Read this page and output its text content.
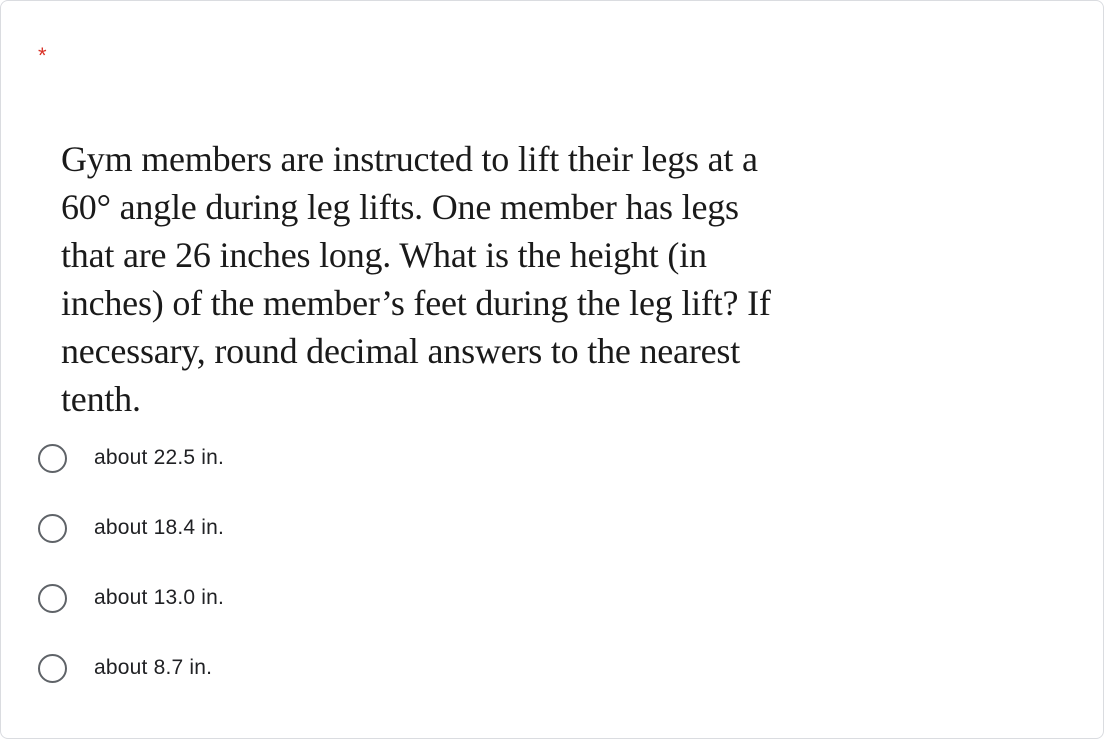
*

Gym members are instructed to lift their legs at a

60° angle during leg lifts. One member has legs

that are 26 inches long. What is the height (in

inches) of the member’s feet during the leg lift? If

necessary, round decimal answers to the nearest

tenth.

about 22.5 in.
about 18.4 in.
about 13.0 in.
about 8.7 in.
